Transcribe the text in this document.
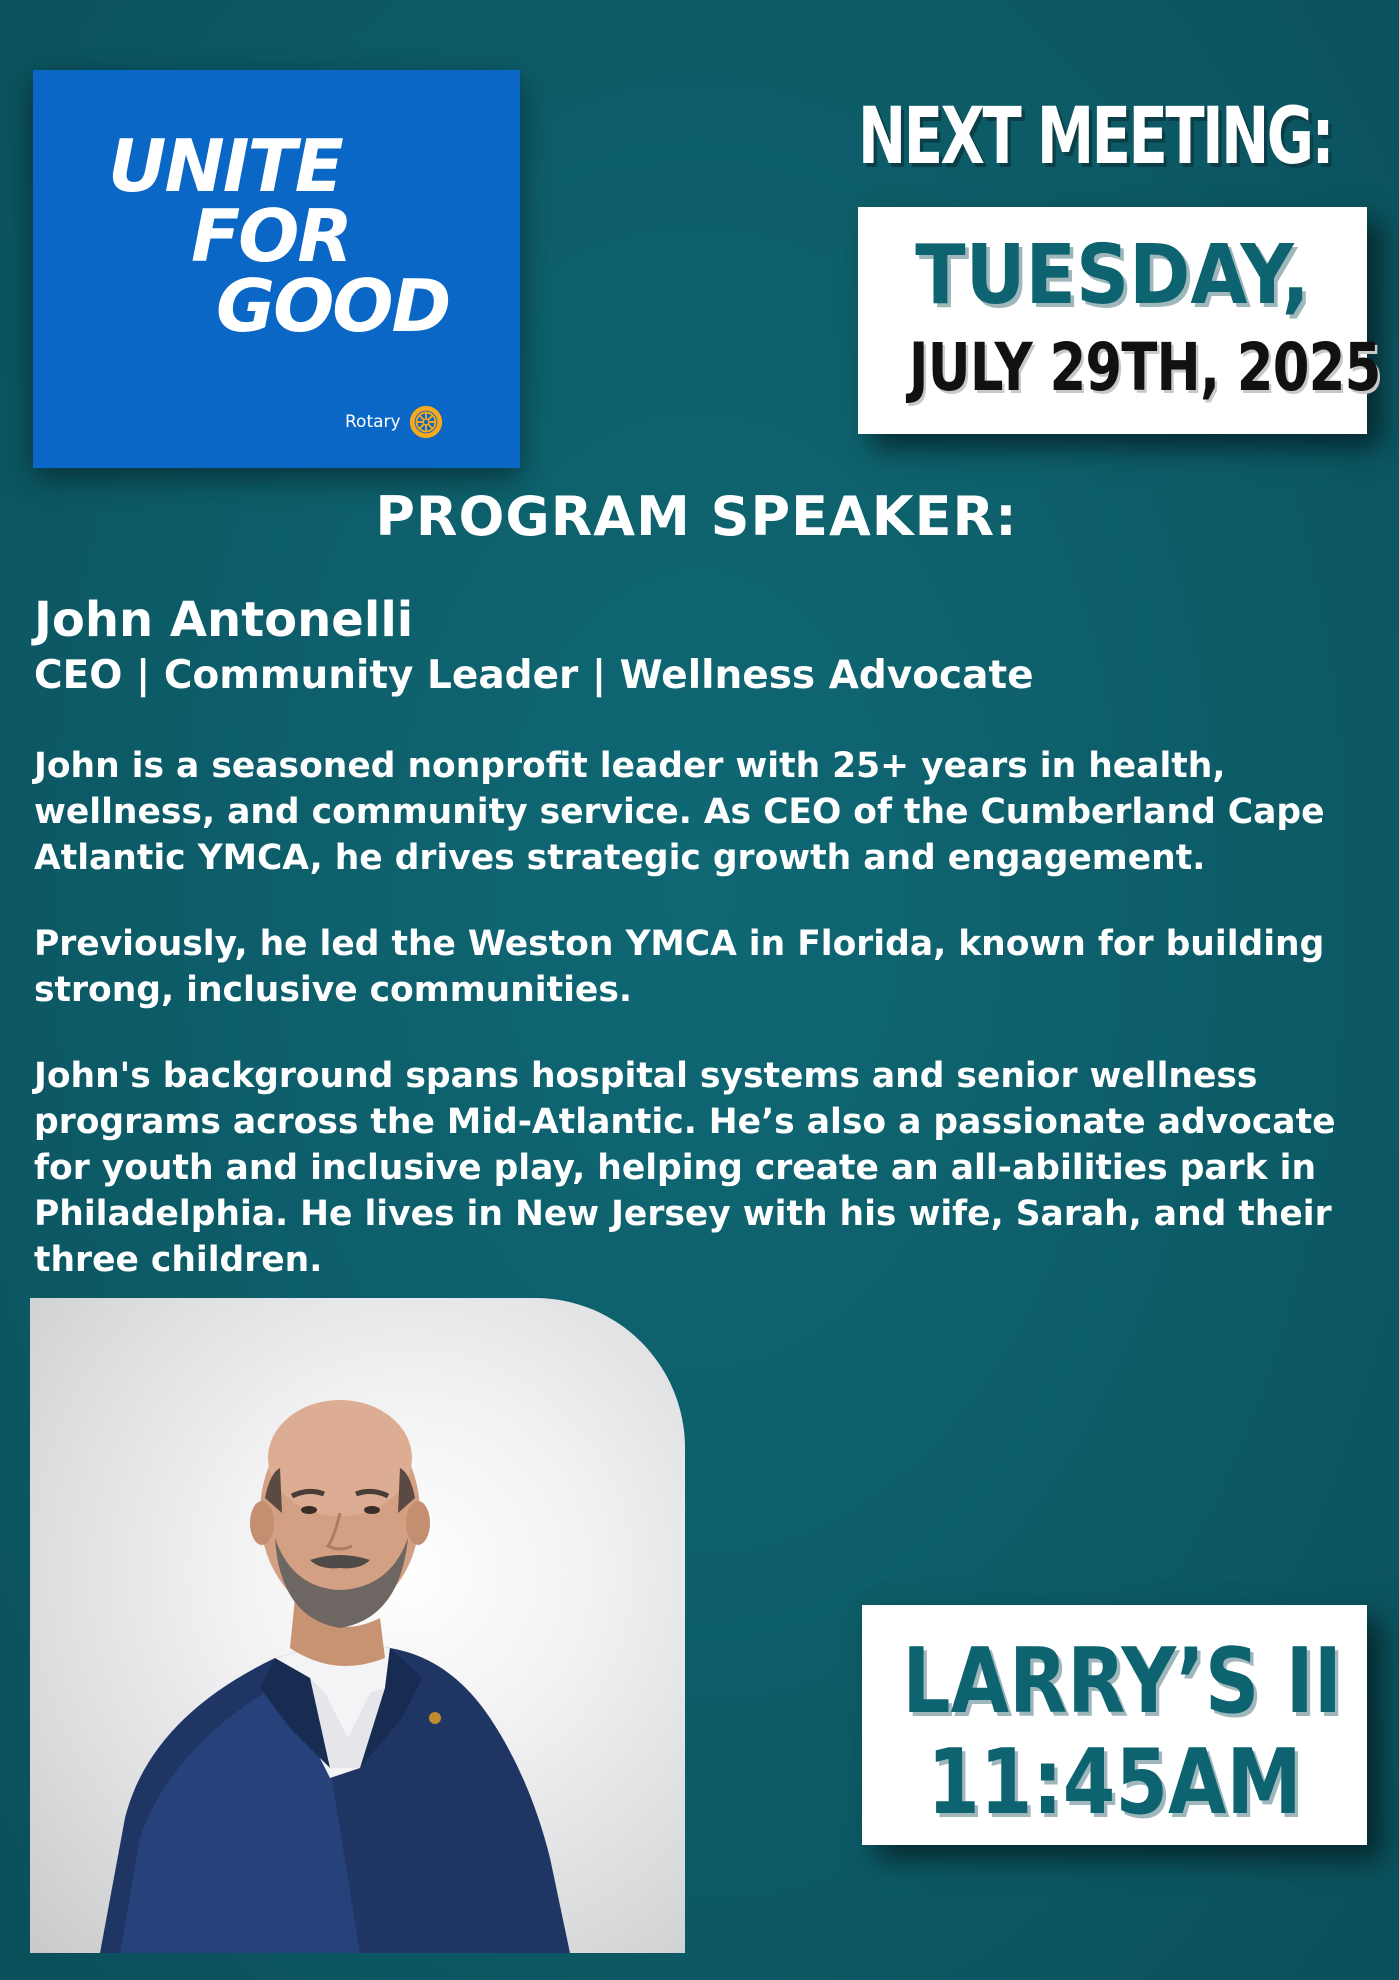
UNITE
FOR
GOOD
Rotary
NEXT MEETING:
TUESDAY,
JULY 29TH, 2025
PROGRAM SPEAKER:
John Antonelli
CEO | Community Leader | Wellness Advocate

John is a seasoned nonprofit leader with 25+ years in health, wellness, and community service. As CEO of the Cumberland Cape Atlantic YMCA, he drives strategic growth and engagement.

Previously, he led the Weston YMCA in Florida, known for building strong, inclusive communities.

John's background spans hospital systems and senior wellness programs across the Mid-Atlantic. He’s also a passionate advocate for youth and inclusive play, helping create an all-abilities park in Philadelphia. He lives in New Jersey with his wife, Sarah, and their three children.

LARRY’S II
11:45AM
